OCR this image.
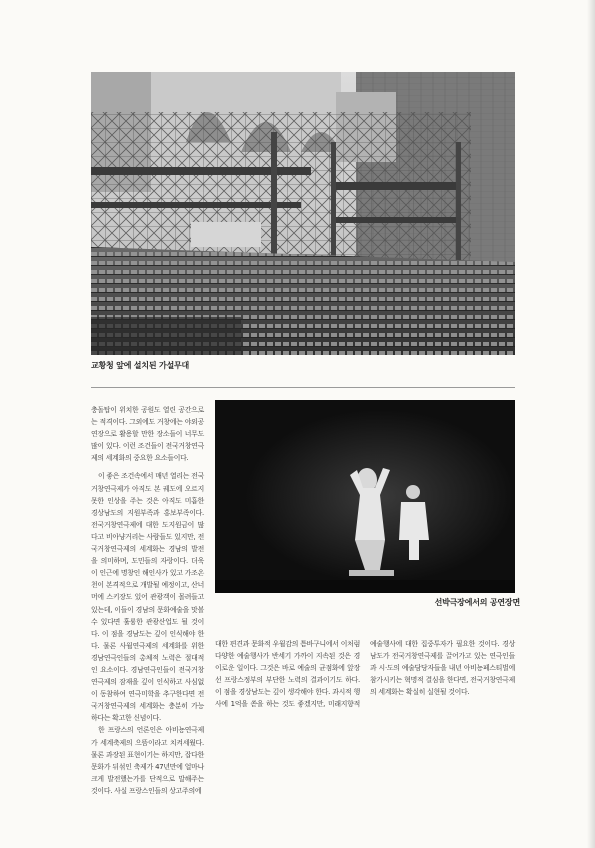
교황청 앞에 설치된 가설무대
선박극장에서의 공연장면

충돌탑이 위치한 공원도 열린 공간으로는 적격이다. 그외에도 거창에는 야외공연장으로 활용할 만한 장소들이 너무도 많이 있다. 이런 조건들이 전국거창연극제의 세계화의 중요한 요소들이다.

이 좋은 조건속에서 매년 열리는 전국거창연극제가 아직도 본 궤도에 오르지 못한 인상을 주는 것은 아직도 미흡한 경상남도의 지원부족과 홍보부족이다. 전국거창연극제에 대한 도지원금이 많다고 비아냥거리는 사람들도 있지만, 전국거창연극제의 세계화는 경남의 발전을 의미하며, 도민들의 자랑이다. 더욱이 인근에 명창인 해인사가 있고 가조온천이 본격적으로 개발될 예정이고, 산너머에 스키장도 있어 관광객이 몰려들고 있는데, 이들이 경남의 문화예술을 맛볼수 있다면 훌륭한 관광산업도 될 것이다. 이 점을 경남도는 깊이 인식해야 한다. 물론 사월연극제의 세계화를 위한 경남연극인들의 총체적 노력은 절대적인 요소이다. 경남연극인들이 전국거창연극제의 잠재을 깊이 인식하고 사심없이 동참하여 연극미학을 추구한다면 전국거창연극제의 세계화는 충분히 가능하다는 확고한 신념이다.

한 프랑스의 언론인은 아비뇽연극제가 세계축제의 으뜸이라고 치켜세웠다. 물론 과장된 표현이기는 하지만, 잡다한 문화가 뒤섞인 축제가 47년만에 얼마나 크게 발전했는가를 단적으로 말해주는 것이다. 사실 프랑스인들의 상고주의에

대한 편견과 문화적 우월감의 틈바구니에서 이처럼 다양한 예술행사가 반세기 가까이 지속된 것은 경이로운 일이다. 그것은 바로 예술의 균점화에 앞장 선 프랑스정부의 부단한 노력의 결과이기도 하다. 이 점을 경상남도는 깊이 생각해야 한다. 과시적 행사에 1억을 쏟을 하는 것도 좋겠지만, 미래지향적 예술행사에 대한 집중투자가 필요한 것이다. 경상남도가 전국거창연극제를 끌어가고 있는 연극인들과 시·도의 예술담당자들을 내년 아비뇽페스티벌에 참가시키는 혁명적 결심을 한다면, 전국거창연극제의 세계화는 확실히 실현될 것이다.
